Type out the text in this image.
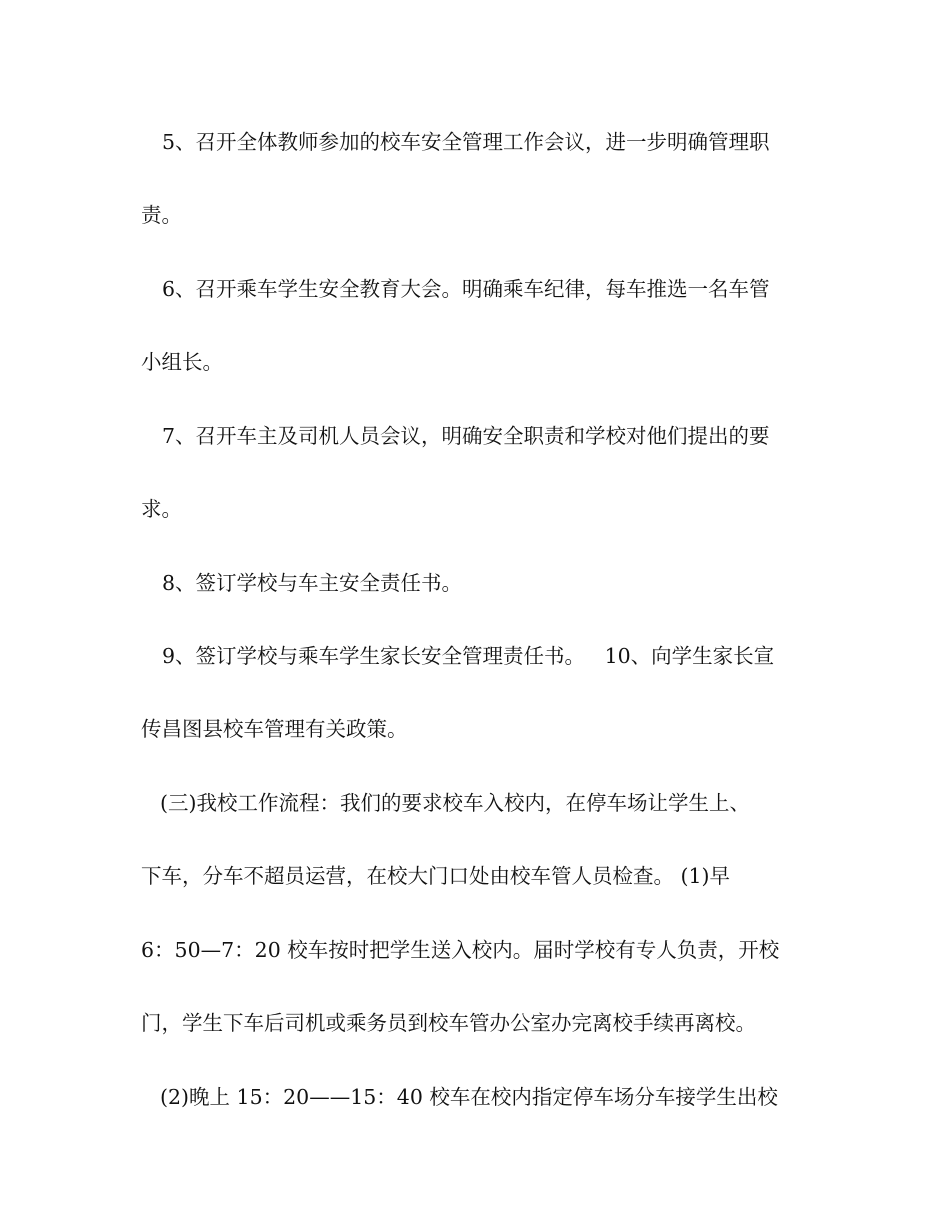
5、召开全体教师参加的校车安全管理工作会议，进一步明确管理职
责。
6、召开乘车学生安全教育大会。明确乘车纪律，每车推选一名车管
小组长。
7、召开车主及司机人员会议，明确安全职责和学校对他们提出的要
求。
8、签订学校与车主安全责任书。
9、签订学校与乘车学生家长安全管理责任书。   10、向学生家长宣
传昌图县校车管理有关政策。
(三)我校工作流程：我们的要求校车入校内，在停车场让学生上、
下车，分车不超员运营，在校大门口处由校车管人员检查。 (1)早
6：50—7：20 校车按时把学生送入校内。届时学校有专人负责，开校
门，学生下车后司机或乘务员到校车管办公室办完离校手续再离校。
(2)晚上 15：20——15：40 校车在校内指定停车场分车接学生出校
